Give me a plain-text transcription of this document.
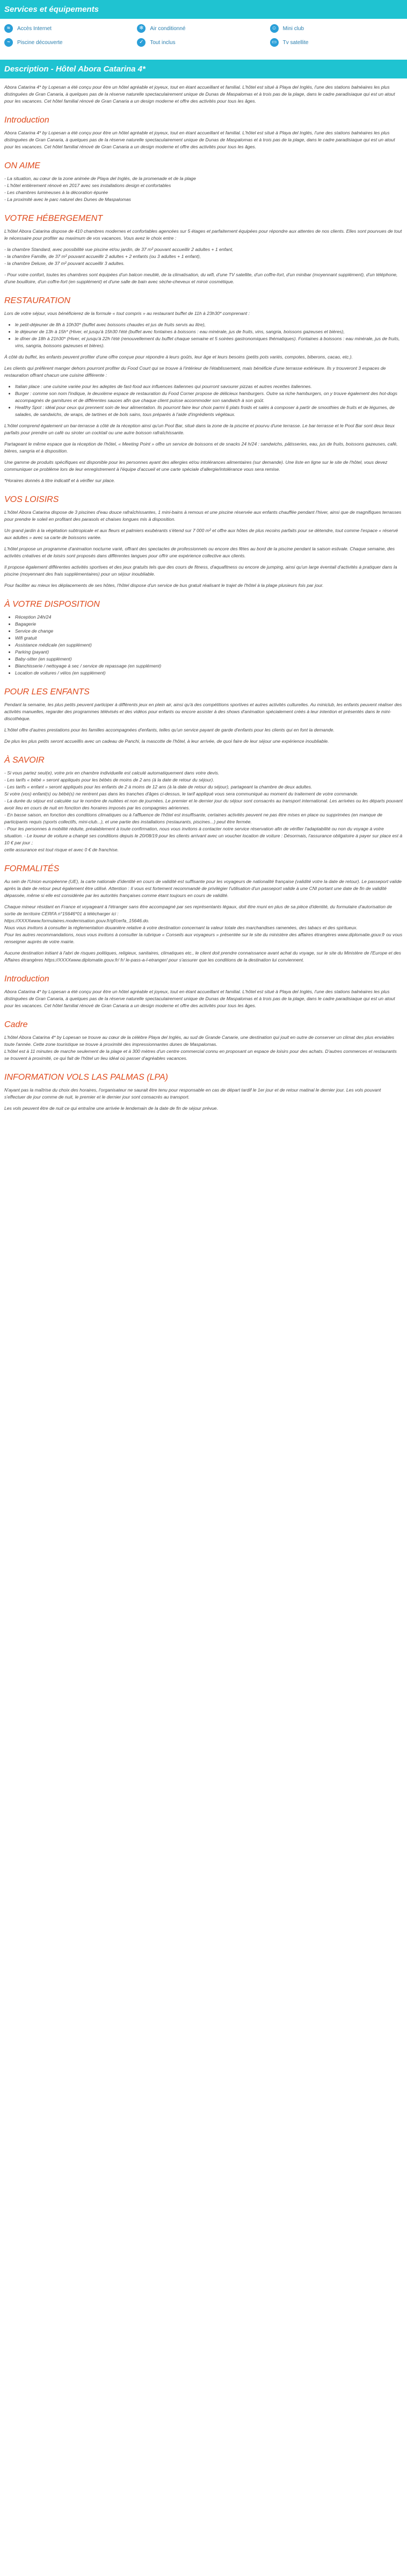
Services et équipements
≈	Accès Internet	❄	Air conditionné	☺ Mini club
~	Piscine découverte	✓	Tout inclus	▭	Tv satellite
Description - Hôtel Abora Catarina 4*

Abora Catarina 4* by Lopesan a été conçu pour être un hôtel agréable et joyeux, tout en étant accueillant et familial. L'hôtel est situé à Playa del Inglés, l'une des stations balnéaires les plus distinguées de Gran Canaria, à quelques pas de la réserve naturelle spectaculairement unique de Dunas de Maspalomas et à trois pas de la plage, dans le cadre paradisiaque qui est un atout pour les vacances. Cet hôtel familial rénové de Gran Canaria a un design moderne et offre des activités pour tous les âges.

Introduction

Abora Catarina 4* by Lopesan a été conçu pour être un hôtel agréable et joyeux, tout en étant accueillant et familial. L'hôtel est situé à Playa del Inglés, l'une des stations balnéaires les plus distinguées de Gran Canaria, à quelques pas de la réserve naturelle spectaculairement unique de Dunas de Maspalomas et à trois pas de la plage, dans le cadre paradisiaque qui est un atout pour les vacances. Cet hôtel familial rénové de Gran Canaria a un design moderne et offre des activités pour tous les âges.

ON AIME
- La situation, au cœur de la zone animée de Playa del Inglés, de la promenade et de la plage
- L'hôtel entièrement rénové en 2017 avec ses installations design et confortables
- Les chambres lumineuses à la décoration épurée
- La proximité avec le parc naturel des Dunes de Maspalomas
VOTRE HÉBERGEMENT

L'hôtel Abora Catarina dispose de 410 chambres modernes et confortables agencées sur 5 étages et parfaitement équipées pour répondre aux attentes de nos clients. Elles sont pourvues de tout le nécessaire pour profiter au maximum de vos vacances. Vous avez le choix entre :

- la chambre Standard, avec possibilité vue piscine et/ou jardin, de 37 m² pouvant accueillir 2 adultes + 1 enfant,

- la chambre Famille, de 37 m² pouvant accueillir 2 adultes + 2 enfants (ou 3 adultes + 1 enfant),

- la chambre Deluxe, de 37 m² pouvant accueillir 3 adultes.

- Pour votre confort, toutes les chambres sont équipées d'un balcon meublé, de la climatisation, du wifi, d'une TV satellite, d'un coffre-fort, d'un minibar (moyennant supplément), d'un téléphone, d'une bouilloire, d'un coffre-fort (en supplément) et d'une salle de bain avec sèche-cheveux et miroir cosmétique.

RESTAURATION

Lors de votre séjour, vous bénéficierez de la formule « tout compris » au restaurant buffet de 11h à 23h30* comprenant :

• le petit-déjeuner de 8h à 10h30* (buffet avec boissons chaudes et jus de fruits servis au litre),
• le déjeuner de 13h à 15h* (Hiver, et jusqu'à 15h30 l'été (buffet avec fontaines à boissons : eau minérale, jus de fruits, vins, sangria, boissons gazeuses et bières),
• le dîner de 18h à 21h30* (Hiver, et jusqu'à 22h l'été (renouvellement du buffet chaque semaine et 5 soirées gastronomiques thématiques). Fontaines à boissons : eau minérale, jus de fruits, vins, sangria, boissons gazeuses et bières).

À côté du buffet, les enfants peuvent profiter d'une offre conçue pour répondre à leurs goûts, leur âge et leurs besoins (petits pots variés, compotes, biberons, cacao, etc.).

Les clients qui préfèrent manger dehors pourront profiter du Food Court qui se trouve à l'intérieur de l'établissement, mais bénéficie d'une terrasse extérieure. Ils y trouveront 3 espaces de restauration offrant chacun une cuisine différente :

• Italian place : une cuisine variée pour les adeptes de fast-food aux influences italiennes qui pourront savourer pizzas et autres recettes italiennes.
• Burger : comme son nom l'indique, le deuxième espace de restauration du Food Corner propose de délicieux hamburgers. Outre sa riche hamburgers, on y trouve également des hot-dogs accompagnés de garnitures et de différentes sauces afin que chaque client puisse accommoder son sandwich à son goût.
• Healthy Spot : idéal pour ceux qui prennent soin de leur alimentation. Ils pourront faire leur choix parmi 6 plats froids et salés à composer à partir de smoothies de fruits et de légumes, de salades, de sandwichs, de wraps, de tartines et de bols sains, tous préparés à l'aide d'ingrédients végétaux.

L'hôtel comprend également un bar-terrasse à côté de la réception ainsi qu'un Pool Bar, situé dans la zone de la piscine et pourvu d'une terrasse. Le bar-terrasse et le Pool Bar sont deux lieux parfaits pour prendre un café ou siroter un cocktail ou une autre boisson rafraîchissante.

Partageant le même espace que la réception de l'hôtel, « Meeting Point » offre un service de boissons et de snacks 24 h/24 : sandwichs, pâtisseries, eau, jus de fruits, boissons gazeuses, café, bières, sangria et à disposition.

Une gamme de produits spécifiques est disponible pour les personnes ayant des allergies et/ou intolérances alimentaires (sur demande). Une liste en ligne sur le site de l'hôtel, vous devez communiquer ce problème lors de leur enregistrement à l'équipe d'accueil et une carte spéciale d'allergie/intolérance vous sera remise.

*Horaires donnés à titre indicatif et à vérifier sur place.

VOS LOISIRS

L'hôtel Abora Catarina dispose de 3 piscines d'eau douce rafraîchissantes, 1 mini-bains à remous et une piscine réservée aux enfants chauffée pendant l'hiver, ainsi que de magnifiques terrasses pour prendre le soleil en profitant des parasols et chaises longues mis à disposition.

Un grand jardin à la végétation subtropicale et aux fleurs et palmiers exubérants s'étend sur 7 000 m² et offre aux hôtes de plus recoins parfaits pour se détendre, tout comme l'espace « réservé aux adultes » avec sa carte de boissons variée.

L'hôtel propose un programme d'animation nocturne varié, offrant des spectacles de professionnels ou encore des fêtes au bord de la piscine pendant la saison estivale. Chaque semaine, des activités créatives et de loisirs sont proposés dans différentes langues pour offrir une expérience collective aux clients.

Il propose également différentes activités sportives et des jeux gratuits tels que des cours de fitness, d'aquafitness ou encore de jumping, ainsi qu'un large éventail d'activités à pratiquer dans la piscine (moyennant des frais supplémentaires) pour un séjour inoubliable.

Pour faciliter au mieux les déplacements de ses hôtes, l'hôtel dispose d'un service de bus gratuit réalisant le trajet de l'hôtel à la plage plusieurs fois par jour.

À VOTRE DISPOSITION
• Réception 24h/24
• Bagagerie
• Service de change
• Wifi gratuit
• Assistance médicale (en supplément)
• Parking (payant)
• Baby-sitter (en supplément)
• Blanchisserie / nettoyage à sec / service de repassage (en supplément)
• Location de voitures / vélos (en supplément)
POUR LES ENFANTS

Pendant la semaine, les plus petits peuvent participer à différents jeux en plein air, ainsi qu'à des compétitions sportives et autres activités culturelles. Au miniclub, les enfants peuvent réaliser des activités manuelles, regarder des programmes télévisés et des vidéos pour enfants ou encore assister à des shows d'animation spécialement créés à leur intention et présentés dans le mini-discothèque.

L'hôtel offre d'autres prestations pour les familles accompagnées d'enfants, telles qu'un service payant de garde d'enfants pour les clients qui en font la demande.

De plus les plus petits seront accueillis avec un cadeau de Panchi, la mascotte de l'hôtel, à leur arrivée, de quoi faire de leur séjour une expérience inoubliable.

À SAVOIR
- Si vous partez seul(e), votre prix en chambre individuelle est calculé automatiquement dans votre devis.
- Les tarifs « bébé » seront appliqués pour les bébés de moins de 2 ans (à la date de retour du séjour).
- Les tarifs « enfant » seront appliqués pour les enfants de 2 à moins de 12 ans (à la date de retour du séjour), partageant la chambre de deux adultes.
Si votre (vos) enfant(s) ou bébé(s) ne rentrent pas dans les tranches d'âges ci-dessus, le tarif appliqué vous sera communiqué au moment du traitement de votre commande.
- La durée du séjour est calculée sur le nombre de nuitées et non de journées. Le premier et le dernier jour du séjour sont consacrés au transport international. Les arrivées ou les départs pouvant avoir lieu en cours de nuit en fonction des horaires imposés par les compagnies aériennes.
- En basse saison, en fonction des conditions climatiques ou à l'affluence de l'hôtel est insuffisante, certaines activités peuvent ne pas être mises en place ou supprimées (en manque de participants requis (sports collectifs, mini-club...), et une partie des installations (restaurants, piscines...) peut être fermée.
- Pour les personnes à mobilité réduite, préalablement à toute confirmation, nous vous invitons à contacter notre service réservation afin de vérifier l'adaptabilité ou non du voyage à votre situation. - Le loueur de voiture a changé ses conditions depuis le 20/08/19 pour les clients arrivant avec un voucher location de voiture : Désormais, l'assurance obligatoire à payer sur place est à 10 € par jour ;
cette assurance est tout risque et avec 0 € de franchise.
FORMALITÉS

Au sein de l'Union européenne (UE), la carte nationale d'identité en cours de validité est suffisante pour les voyageurs de nationalité française (validité votre la date de retour). Le passeport valide après la date de retour peut également être utilisé. Attention : Il vous est fortement recommandé de privilégier l'utilisation d'un passeport valide à une CNI portant une date de fin de validité dépassée, même si elle est considérée par les autorités françaises comme étant toujours en cours de validité.

Chaque mineur résidant en France et voyageant à l'étranger sans être accompagné par ses représentants légaux, doit être muni en plus de sa pièce d'identité, du formulaire d'autorisation de sortie de territoire CERFA n°15646*01 à télécharger ici :

https://XXXXwww.formulaires.modernisation.gouv.fr/gf/cerfa_15646.do.

Nous vous invitons à consulter la réglementation douanière relative à votre destination concernant la valeur totale des marchandises ramenées, des tabacs et des spiritueux.

Pour les autres recommandations, nous vous invitons à consulter la rubrique « Conseils aux voyageurs » présentée sur le site du ministère des affaires étrangères www.diplomatie.gouv.fr ou vous renseigner auprès de votre mairie.

Aucune destination initiant à l'abri de risques politiques, religieux, sanitaires, climatiques etc., le client doit prendre connaissance avant achat du voyage, sur le site du Ministère de l'Europe et des Affaires étrangères https://XXXXwww.diplomatie.gouv.fr/ fr/ le-pass-a-l-etranger/ pour s'assurer que les conditions de la destination lui conviennent.

Introduction

Abora Catarina 4* by Lopesan a été conçu pour être un hôtel agréable et joyeux, tout en étant accueillant et familial. L'hôtel est situé à Playa del Inglés, l'une des stations balnéaires les plus distinguées de Gran Canaria, à quelques pas de la réserve naturelle spectaculairement unique de Dunas de Maspalomas et à trois pas de la plage, dans le cadre paradisiaque qui est un atout pour les vacances. Cet hôtel familial rénové de Gran Canaria a un design moderne et offre des activités pour tous les âges.

Cadre

L'hôtel Abora Catarina 4* by Lopesan se trouve au cœur de la célèbre Playa del Inglés, au sud de Grande Canarie, une destination qui jouit en outre de conserver un climat des plus enviables toute l'année. Cette zone touristique se trouve à proximité des impressionnantes dunes de Maspalomas.
L'hôtel est à 11 minutes de marche seulement de la plage et à 300 mètres d'un centre commercial connu en proposant un espace de loisirs pour des achats. D'autres commerces et restaurants se trouvent à proximité, ce qui fait de l'hôtel un lieu idéal où passer d'agréables vacances.

INFORMATION VOLS LAS PALMAS (LPA)

N'ayant pas la maîtrise du choix des horaires, l'organisateur ne saurait être tenu pour responsable en cas de départ tardif le 1er jour et de retour matinal le dernier jour. Les vols pouvant s'effectuer de jour comme de nuit, le premier et le dernier jour sont consacrés au transport.

Les vols peuvent être de nuit ce qui entraîne une arrivée le lendemain de la date de fin de séjour prévue.
